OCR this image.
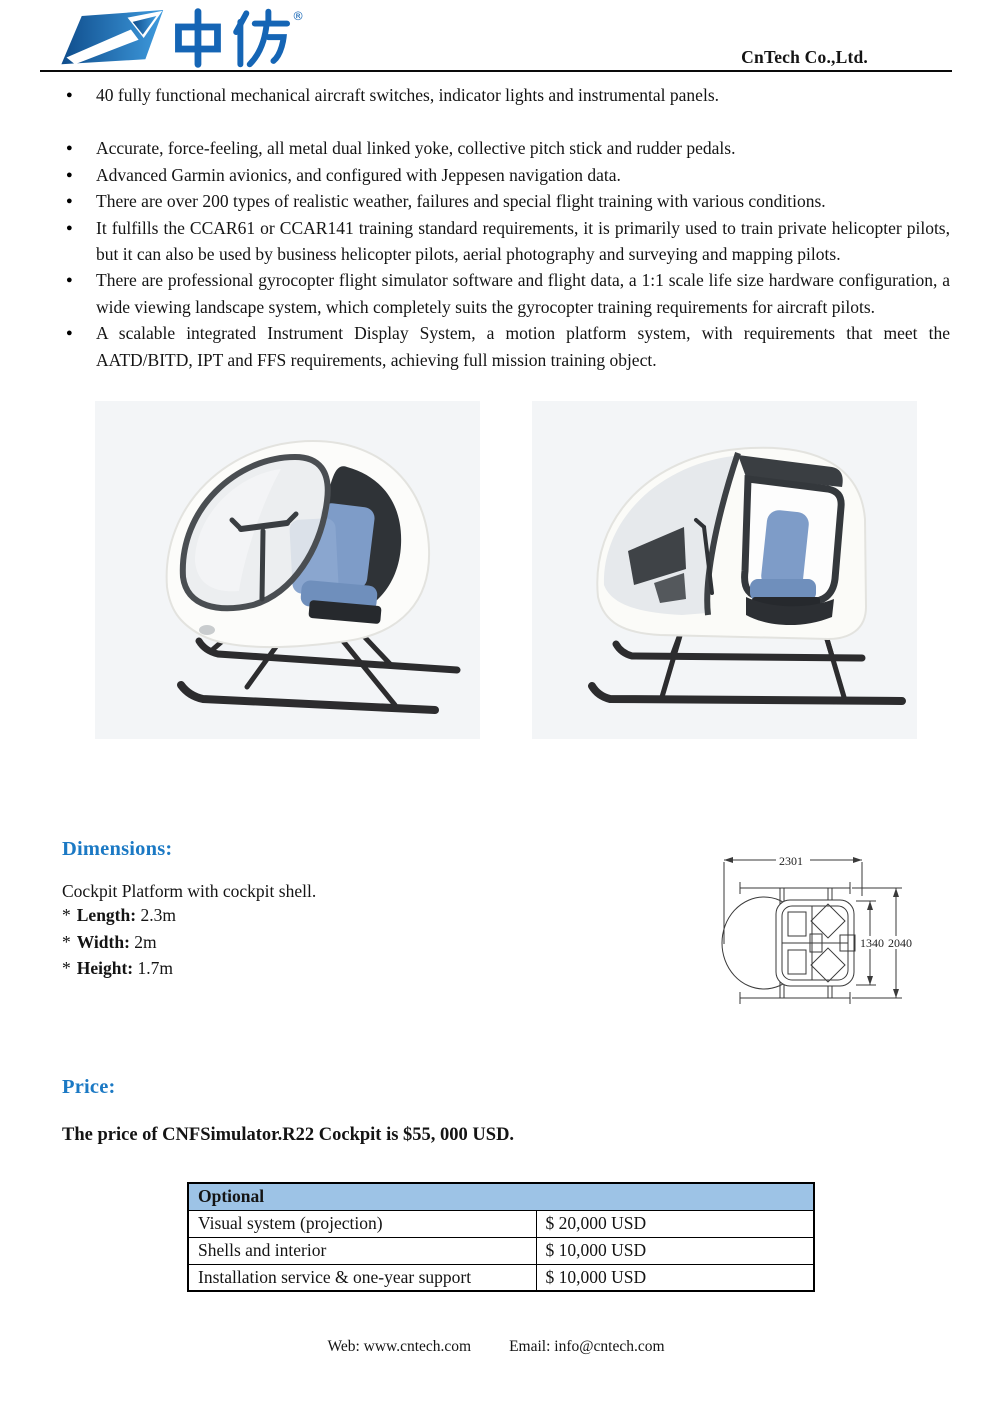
®
CnTech Co.,Ltd.
●	40 fully functional mechanical aircraft switches, indicator lights and instrumental panels.
●	Accurate, force-feeling, all metal dual linked yoke, collective pitch stick and rudder pedals.
●	Advanced Garmin avionics, and configured with Jeppesen navigation data.
●	There are over 200 types of realistic weather, failures and special flight training with various conditions.
●	It fulfills the CCAR61 or CCAR141 training standard requirements, it is primarily used to train private helicopter pilots, but it can also be used by business helicopter pilots, aerial photography and surveying and mapping pilots.
●	There are professional gyrocopter flight simulator software and flight data, a 1:1 scale life size hardware configuration, a wide viewing landscape system, which completely suits the gyrocopter training requirements for aircraft pilots.
●	A scalable integrated Instrument Display System, a motion platform system, with requirements that meet the AATD/BITD, IPT and FFS requirements, achieving full mission training object.
Dimensions:

Cockpit Platform with cockpit shell.

* Length: 2.3m
* Width: 2m
* Height: 1.7m
2301
1340 2040
Price:

The price of CNFSimulator.R22 Cockpit is $55, 000 USD.

Optional	
Visual system (projection)	$ 20,000 USD
Shells and interior	$ 10,000 USD
Installation service & one-year support	$ 10,000 USD
Web: www.cntech.com Email: info@cntech.com
